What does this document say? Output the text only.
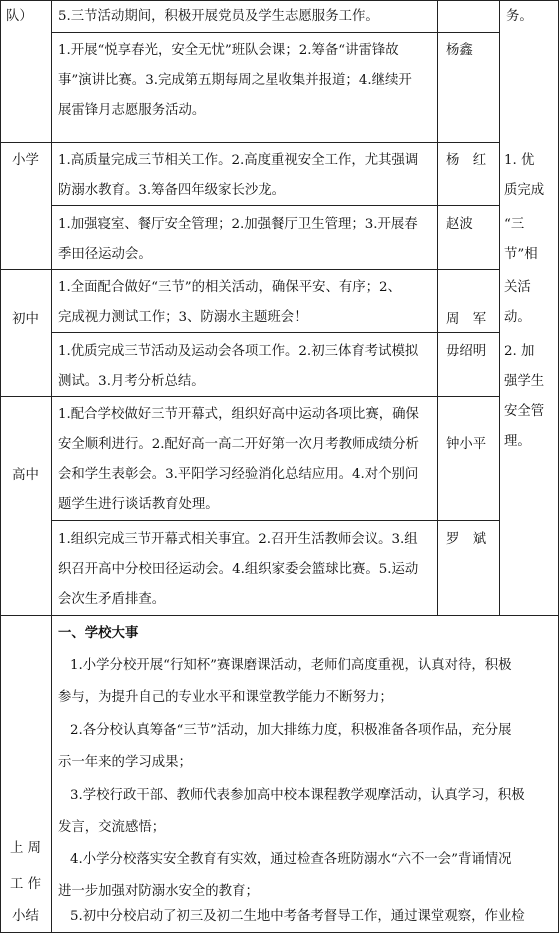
队）
小学
初中
高中
上 周
工 作
小结
5.三节活动期间，积极开展党员及学生志愿服务工作。	务。
1.开展“悦享春光，安全无忧”班队会课；2.筹备“讲雷锋故
事”演讲比赛。3.完成第五期每周之星收集并报道；4.继续开
展雷锋月志愿服务活动。
杨鑫
1.高质量完成三节相关工作。2.高度重视安全工作，尤其强调
防溺水教育。3.筹备四年级家长沙龙。
杨　红
1.加强寝室、餐厅安全管理；2.加强餐厅卫生管理；3.开展春
季田径运动会。
赵波
1.全面配合做好“三节”的相关活动，确保平安、有序；2、
完成视力测试工作；3、防溺水主题班会！	周　军
1.优质完成三节活动及运动会各项工作。2.初三体育考试模拟
测试。3.月考分析总结。
毋绍明
1.配合学校做好三节开幕式，组织好高中运动各项比赛，确保
安全顺利进行。2.配好高一高二开好第一次月考教师成绩分析
会和学生表彰会。3.平阳学习经验消化总结应用。4.对个别问
题学生进行谈话教育处理。
钟小平
1.组织完成三节开幕式相关事宜。2.召开生活教师会议。3.组
织召开高中分校田径运动会。4.组织家委会篮球比赛。5.运动
会次生矛盾排查。
罗　斌
1. 优
质完成
“三
节”相
关活
动。
2. 加
强学生
安全管
理。
一、学校大事
1.小学分校开展“行知杯”赛课磨课活动，老师们高度重视，认真对待，积极
参与，为提升自己的专业水平和课堂教学能力不断努力；
2.各分校认真筹备“三节”活动，加大排练力度，积极准备各项作品，充分展
示一年来的学习成果；
3.学校行政干部、教师代表参加高中校本课程教学观摩活动，认真学习，积极
发言，交流感悟；
4.小学分校落实安全教育有实效，通过检查各班防溺水“六不一会”背诵情况
进一步加强对防溺水安全的教育；
5.初中分校启动了初三及初二生地中考备考督导工作，通过课堂观察，作业检
